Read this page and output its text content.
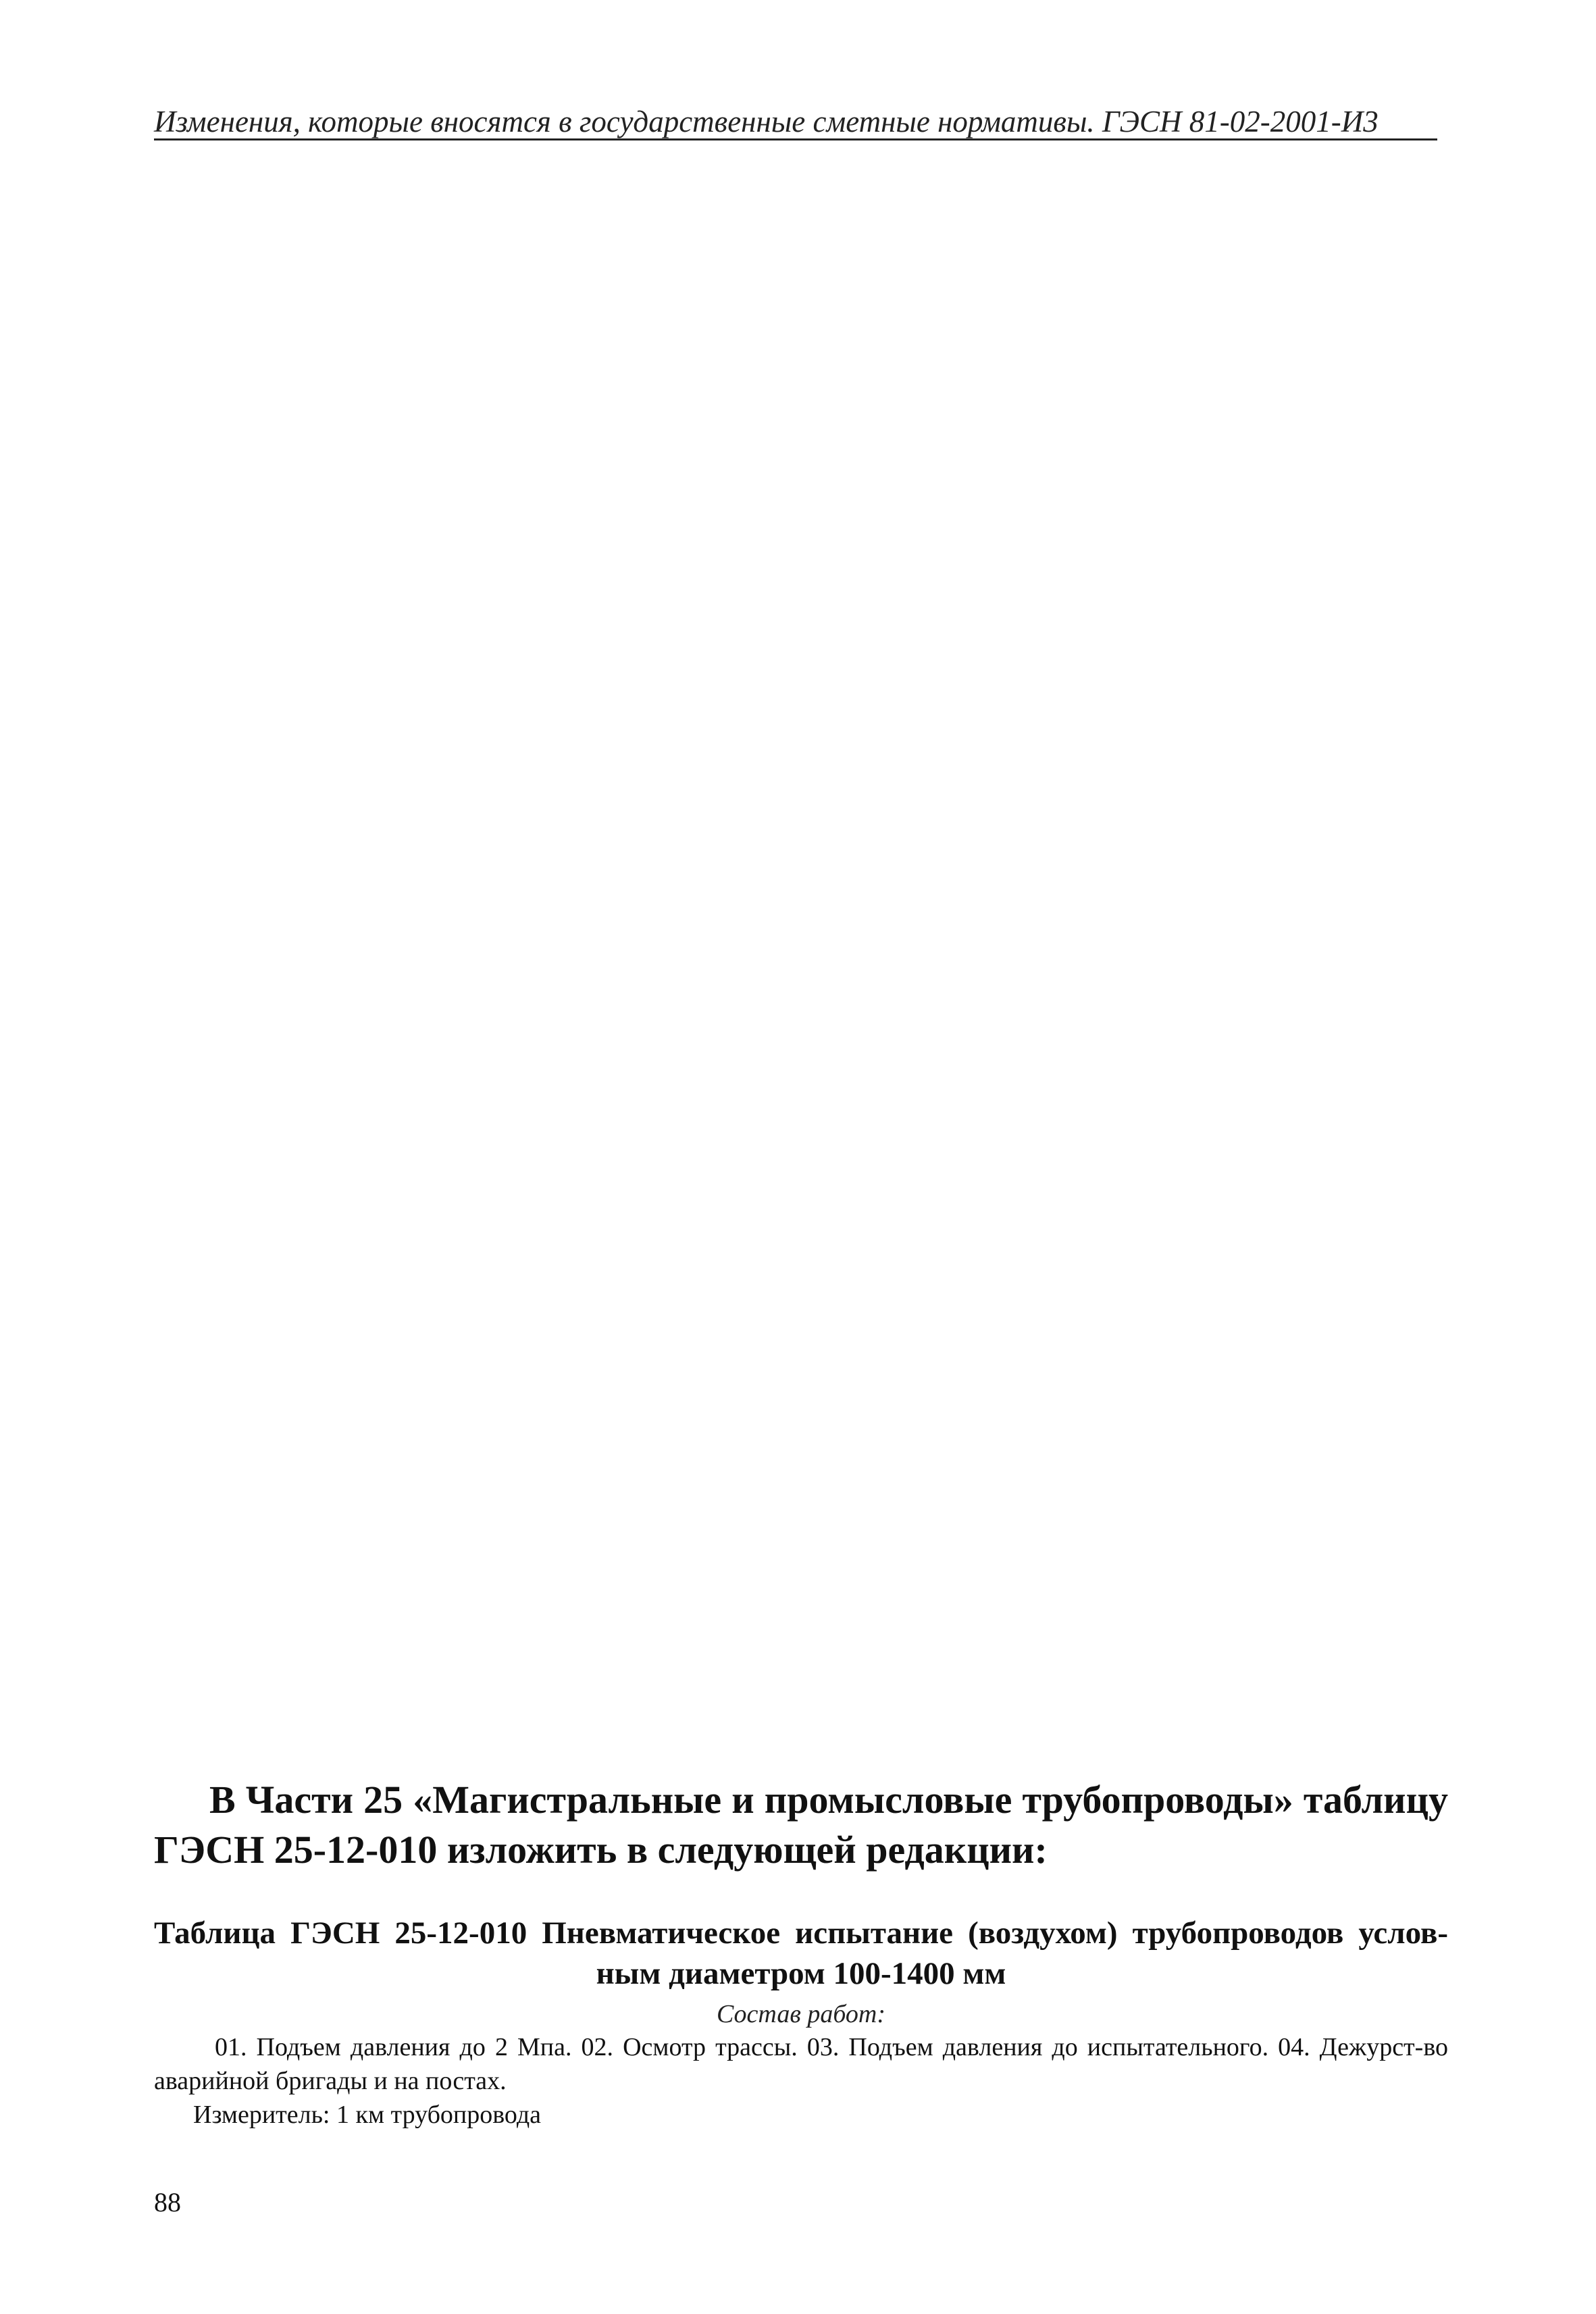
Изменения, которые вносятся в государственные сметные нормативы. ГЭСН 81-02-2001-И3
В Части 25 «Магистральные и промысловые трубопроводы» таблицу
ГЭСН 25-12-010 изложить в следующей редакции:
Таблица ГЭСН 25-12-010 Пневматическое испытание (воздухом) трубопроводов услов-
ным диаметром 100-1400 мм
Состав работ:

01. Подъем давления до 2 Мпа. 02. Осмотр трассы. 03. Подъем давления до испытательного. 04. Дежурст-во аварийной бригады и на постах.

Измеритель: 1 км трубопровода
88
